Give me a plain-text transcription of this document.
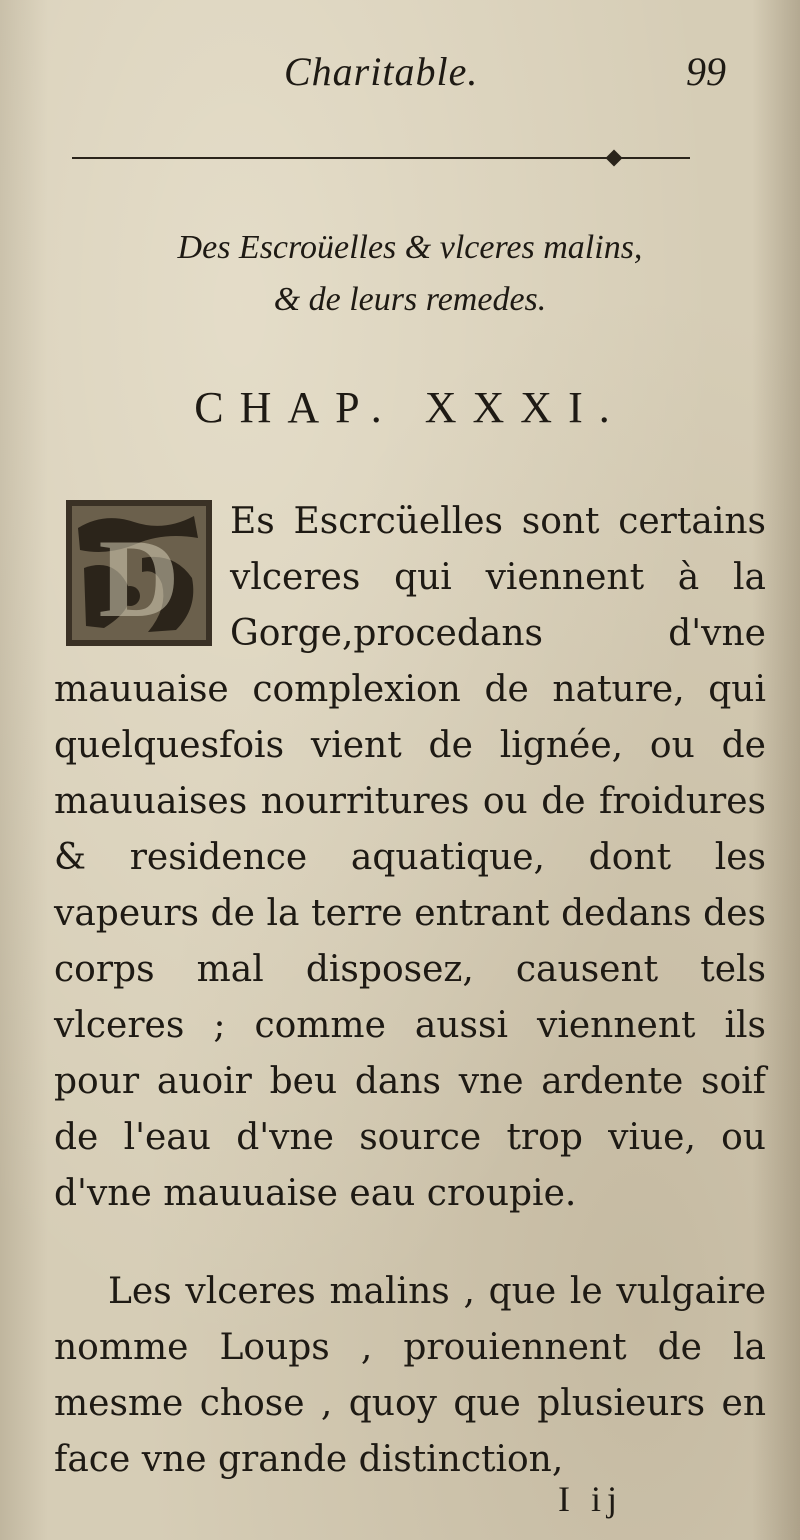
Charitable.	99
Des Escroüelles & vlceres malins,
& de leurs remedes.
CHAP. XXXI.
D	Es Escrcüelles sont certains vlceres qui viennent à la Gorge,procedans d'vne mauuaise complexion de nature, qui quelquesfois vient de lignée, ou de mauuaises nourritures ou de froidures & residence aquatique, dont les vapeurs de la terre entrant dedans des corps mal disposez, causent tels vlceres ; comme aussi viennent ils pour auoir beu dans vne ardente soif de l'eau d'vne source trop viue, ou d'vne mauuaise eau croupie.
Les vlceres malins , que le vulgaire nomme Loups , prouiennent de la mesme chose , quoy que plusieurs en face vne grande distinction,
I ij
